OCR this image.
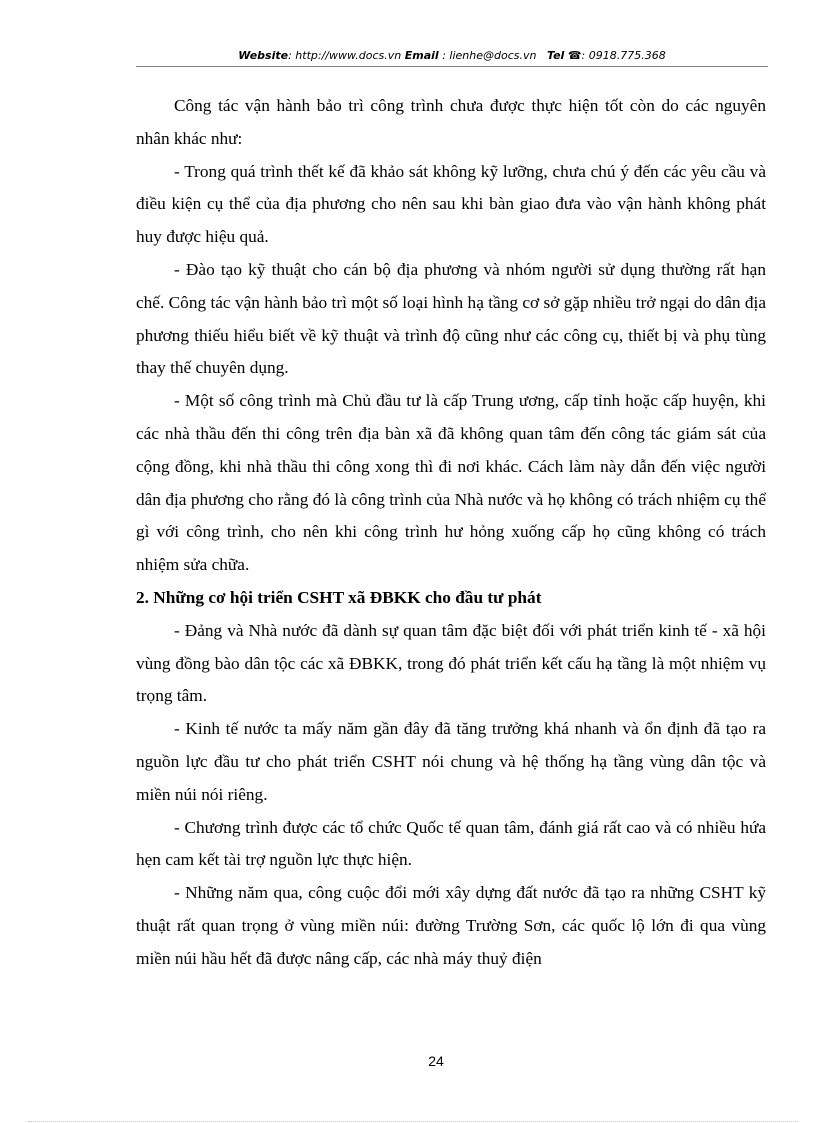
Website: http://www.docs.vn Email : lienhe@docs.vn Tel ☎: 0918.775.368

Công tác vận hành bảo trì công trình chưa được thực hiện tốt còn do các nguyên nhân khác như:

- Trong quá trình thết kế đã khảo sát không kỹ lưỡng, chưa chú ý đến các yêu cầu và điều kiện cụ thể của địa phương cho nên sau khi bàn giao đưa vào vận hành không phát huy được hiệu quả.

- Đào tạo kỹ thuật cho cán bộ địa phương và nhóm người sử dụng thường rất hạn chế. Công tác vận hành bảo trì một số loại hình hạ tầng cơ sở gặp nhiều trở ngại do dân địa phương thiếu hiểu biết về kỹ thuật và trình độ cũng như các công cụ, thiết bị và phụ tùng thay thế chuyên dụng.

- Một số công trình mà Chủ đầu tư là cấp Trung ương, cấp tỉnh hoặc cấp huyện, khi các nhà thầu đến thi công trên địa bàn xã đã không quan tâm đến công tác giám sát của cộng đồng, khi nhà thầu thi công xong thì đi nơi khác. Cách làm này dẫn đến việc người dân địa phương cho rằng đó là công trình của Nhà nước và họ không có trách nhiệm cụ thể gì với công trình, cho nên khi công trình hư hỏng xuống cấp họ cũng không có trách nhiệm sửa chữa.

2. Những cơ hội triển CSHT xã ĐBKK cho đầu tư phát

- Đảng và Nhà nước đã dành sự quan tâm đặc biệt đối với phát triển kinh tế - xã hội vùng đồng bào dân tộc các xã ĐBKK, trong đó phát triển kết cấu hạ tầng là một nhiệm vụ trọng tâm.

- Kinh tế nước ta mấy năm gần đây đã tăng trưởng khá nhanh và ổn định đã tạo ra nguồn lực đầu tư cho phát triển CSHT nói chung và hệ thống hạ tầng vùng dân tộc và miền núi nói riêng.

- Chương trình được các tổ chức Quốc tế quan tâm, đánh giá rất cao và có nhiều hứa hẹn cam kết tài trợ nguồn lực thực hiện.

- Những năm qua, công cuộc đổi mới xây dựng đất nước đã tạo ra những CSHT kỹ thuật rất quan trọng ở vùng miền núi: đường Trường Sơn, các quốc lộ lớn đi qua vùng miền núi hầu hết đã được nâng cấp, các nhà máy thuỷ điện

24
